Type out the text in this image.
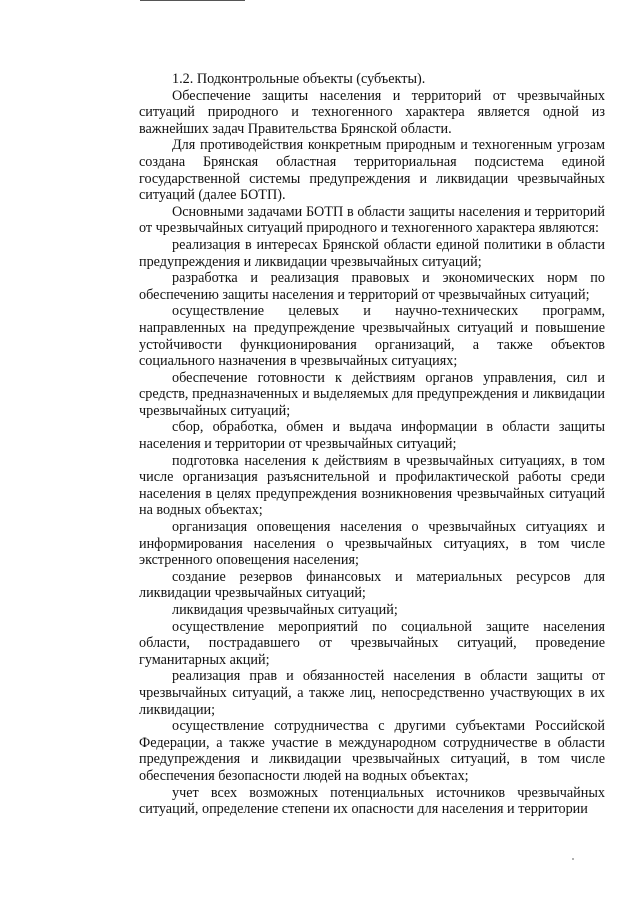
1.2. Подконтрольные объекты (субъекты).

Обеспечение защиты населения и территорий от чрезвычайных ситуаций природного и техногенного характера является одной из важнейших задач Правительства Брянской области.

Для противодействия конкретным природным и техногенным угрозам создана Брянская областная территориальная подсистема единой государственной системы предупреждения и ликвидации чрезвычайных ситуаций (далее БОТП).

Основными задачами БОТП в области защиты населения и территорий от чрезвычайных ситуаций природного и техногенного характера являются:

реализация в интересах Брянской области единой политики в области предупреждения и ликвидации чрезвычайных ситуаций;

разработка и реализация правовых и экономических норм по обеспечению защиты населения и территорий от чрезвычайных ситуаций;

осуществление целевых и научно-технических программ, направленных на предупреждение чрезвычайных ситуаций и повышение устойчивости функционирования организаций, а также объектов социального назначения в чрезвычайных ситуациях;

обеспечение готовности к действиям органов управления, сил и средств, предназначенных и выделяемых для предупреждения и ликвидации чрезвычайных ситуаций;

сбор, обработка, обмен и выдача информации в области защиты населения и территории от чрезвычайных ситуаций;

подготовка населения к действиям в чрезвычайных ситуациях, в том числе организация разъяснительной и профилактической работы среди населения в целях предупреждения возникновения чрезвычайных ситуаций на водных объектах;

организация оповещения населения о чрезвычайных ситуациях и информирования населения о чрезвычайных ситуациях, в том числе экстренного оповещения населения;

создание резервов финансовых и материальных ресурсов для ликвидации чрезвычайных ситуаций;

ликвидация чрезвычайных ситуаций;

осуществление мероприятий по социальной защите населения области, пострадавшего от чрезвычайных ситуаций, проведение гуманитарных акций;

реализация прав и обязанностей населения в области защиты от чрезвычайных ситуаций, а также лиц, непосредственно участвующих в их ликвидации;

осуществление сотрудничества с другими субъектами Российской Федерации, а также участие в международном сотрудничестве в области предупреждения и ликвидации чрезвычайных ситуаций, в том числе обеспечения безопасности людей на водных объектах;

учет всех возможных потенциальных источников чрезвычайных ситуаций, определение степени их опасности для населения и территории
